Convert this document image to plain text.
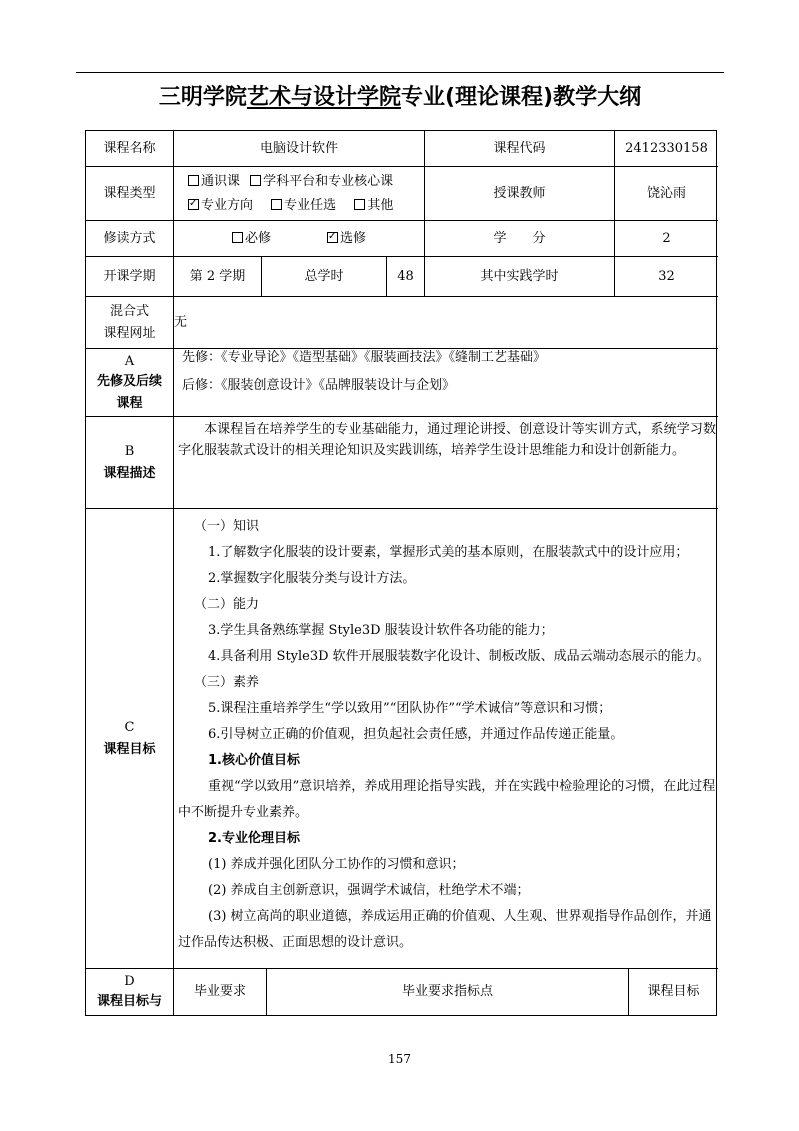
三明学院艺术与设计学院专业(理论课程)教学大纲
课程名称	电脑设计软件	课程代码	2412330158
课程类型
通识课 学科平台和专业核心课
✓专业方向 专业任选 其他
授课教师	饶沁雨
修读方式	必修
✓	选修	学　　分	2
开课学期	第 2 学期	总学时	48	其中实践学时	32
混合式
课程网址
无
A
先修及后续
课程
先修：《专业导论》《造型基础》《服装画技法》《缝制工艺基础》
后修：《服装创意设计》《品牌服装设计与企划》
B
课程描述
本课程旨在培养学生的专业基础能力，通过理论讲授、创意设计等实训方式，系统学习数字化服装款式设计的相关理论知识及实践训练，培养学生设计思维能力和设计创新能力。
C
课程目标

（一）知识

1.了解数字化服装的设计要素，掌握形式美的基本原则，在服装款式中的设计应用；

2.掌握数字化服装分类与设计方法。

（二）能力

3.学生具备熟练掌握 Style3D 服装设计软件各功能的能力；

4.具备利用 Style3D 软件开展服装数字化设计、制板改版、成品云端动态展示的能力。

（三）素养

5.课程注重培养学生“学以致用”“团队协作”“学术诚信”等意识和习惯；

6.引导树立正确的价值观，担负起社会责任感，并通过作品传递正能量。

1.核心价值目标

重视“学以致用”意识培养，养成用理论指导实践，并在实践中检验理论的习惯，在此过程中不断提升专业素养。

2.专业伦理目标

(1) 养成并强化团队分工协作的习惯和意识；

(2) 养成自主创新意识，强调学术诚信，杜绝学术不端；

(3) 树立高尚的职业道德，养成运用正确的价值观、人生观、世界观指导作品创作，并通过作品传达积极、正面思想的设计意识。

D
课程目标与
毕业要求	毕业要求指标点	课程目标
157
